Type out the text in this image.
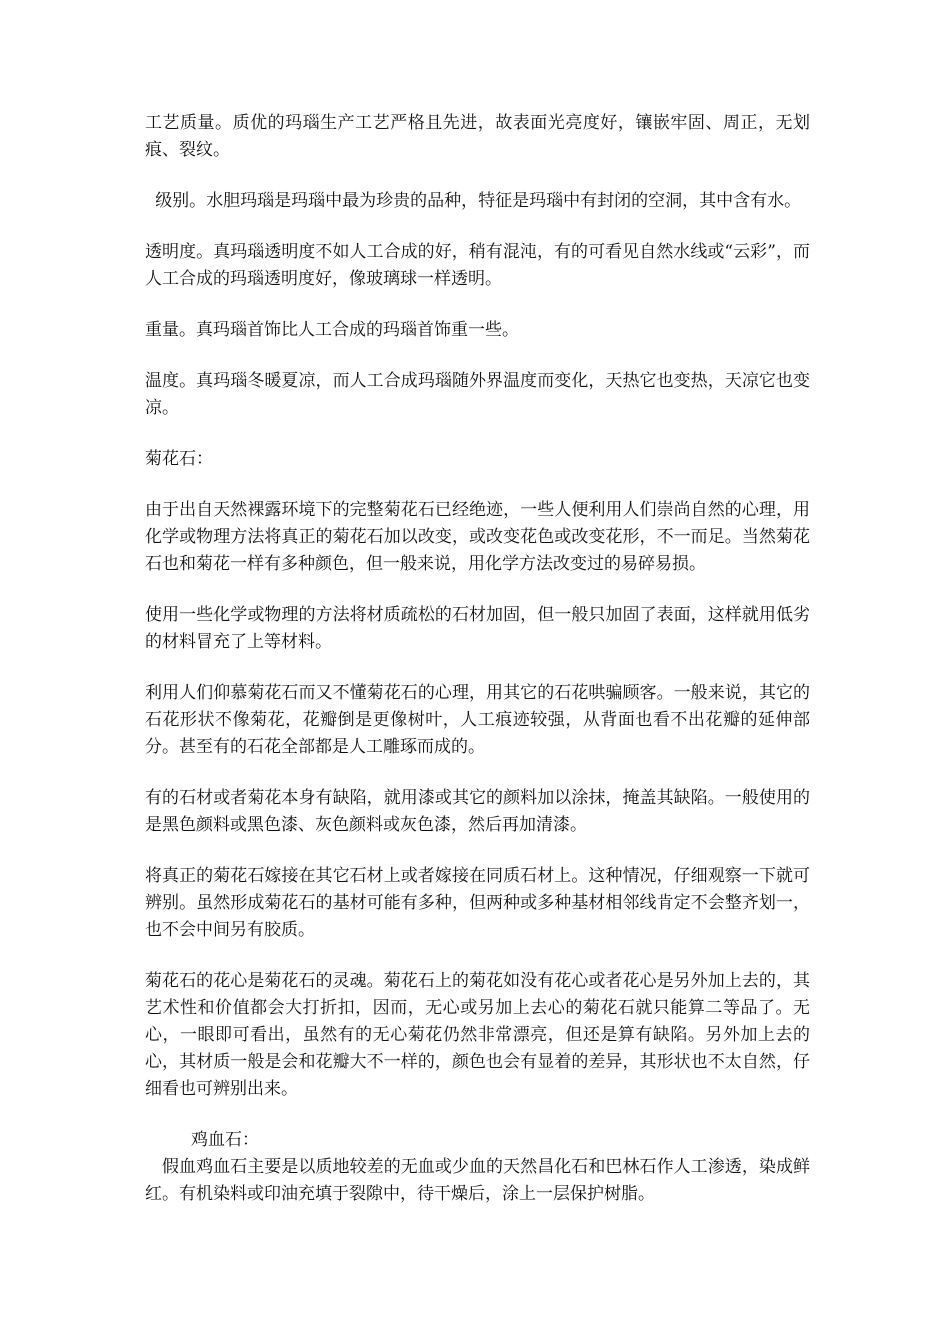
工艺质量。质优的玛瑙生产工艺严格且先进，故表面光亮度好，镶嵌牢固、周正，无划痕、裂纹。

级别。水胆玛瑙是玛瑙中最为珍贵的品种，特征是玛瑙中有封闭的空洞，其中含有水。

透明度。真玛瑙透明度不如人工合成的好，稍有混沌，有的可看见自然水线或“云彩”，而人工合成的玛瑙透明度好，像玻璃球一样透明。

重量。真玛瑙首饰比人工合成的玛瑙首饰重一些。

温度。真玛瑙冬暖夏凉，而人工合成玛瑙随外界温度而变化，天热它也变热，天凉它也变凉。

菊花石：

由于出自天然裸露环境下的完整菊花石已经绝迹，一些人便利用人们崇尚自然的心理，用化学或物理方法将真正的菊花石加以改变，或改变花色或改变花形，不一而足。当然菊花石也和菊花一样有多种颜色，但一般来说，用化学方法改变过的易碎易损。

使用一些化学或物理的方法将材质疏松的石材加固，但一般只加固了表面，这样就用低劣的材料冒充了上等材料。

利用人们仰慕菊花石而又不懂菊花石的心理，用其它的石花哄骗顾客。一般来说，其它的石花形状不像菊花，花瓣倒是更像树叶，人工痕迹较强，从背面也看不出花瓣的延伸部分。甚至有的石花全部都是人工雕琢而成的。

有的石材或者菊花本身有缺陷，就用漆或其它的颜料加以涂抹，掩盖其缺陷。一般使用的是黑色颜料或黑色漆、灰色颜料或灰色漆，然后再加清漆。

将真正的菊花石嫁接在其它石材上或者嫁接在同质石材上。这种情况，仔细观察一下就可辨别。虽然形成菊花石的基材可能有多种，但两种或多种基材相邻线肯定不会整齐划一，也不会中间另有胶质。

菊花石的花心是菊花石的灵魂。菊花石上的菊花如没有花心或者花心是另外加上去的，其艺术性和价值都会大打折扣，因而，无心或另加上去心的菊花石就只能算二等品了。无心，一眼即可看出，虽然有的无心菊花仍然非常漂亮，但还是算有缺陷。另外加上去的心，其材质一般是会和花瓣大不一样的，颜色也会有显着的差异，其形状也不太自然，仔细看也可辨别出来。

鸡血石：

假血鸡血石主要是以质地较差的无血或少血的天然昌化石和巴林石作人工渗透，染成鲜红。有机染料或印油充填于裂隙中，待干燥后，涂上一层保护树脂。
